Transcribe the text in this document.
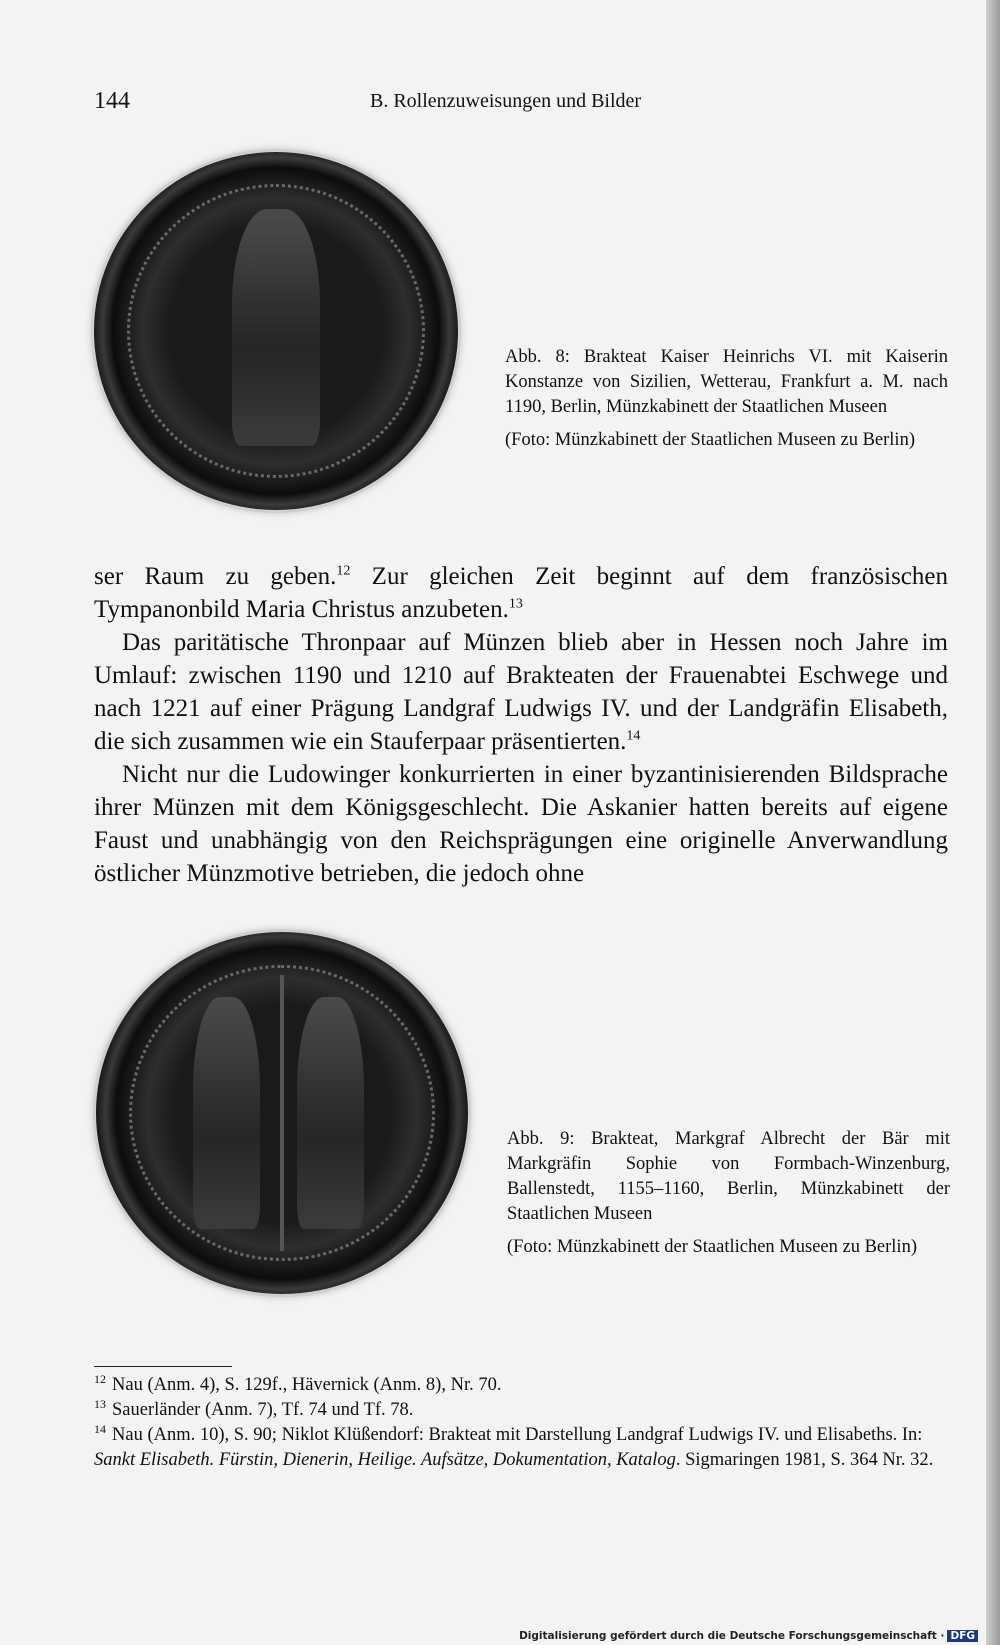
144	B. Rollenzuweisungen und Bilder

Abb. 8: Brakteat Kaiser Heinrichs VI. mit Kaiserin Konstanze von Sizilien, Wetterau, Frankfurt a. M. nach 1190, Berlin, Münzkabinett der Staatlichen Museen

(Foto: Münzkabinett der Staatlichen Museen zu Berlin)

ser Raum zu geben.$^{12}$ Zur gleichen Zeit beginnt auf dem französischen Tympanonbild Maria Christus anzubeten.$^{13}$

Das paritätische Thronpaar auf Münzen blieb aber in Hessen noch Jahre im Umlauf: zwischen 1190 und 1210 auf Brakteaten der Frauenabtei Eschwege und nach 1221 auf einer Prägung Landgraf Ludwigs IV. und der Landgräfin Elisabeth, die sich zusammen wie ein Stauferpaar präsentierten.$^{14}$

Nicht nur die Ludowinger konkurrierten in einer byzantinisierenden Bildsprache ihrer Münzen mit dem Königsgeschlecht. Die Askanier hatten bereits auf eigene Faust und unabhängig von den Reichsprägungen eine originelle Anverwandlung östlicher Münzmotive betrieben, die jedoch ohne

Abb. 9: Brakteat, Markgraf Albrecht der Bär mit Markgräfin Sophie von Formbach-Winzenburg, Ballenstedt, 1155–1160, Berlin, Münzkabinett der Staatlichen Museen

(Foto: Münzkabinett der Staatlichen Museen zu Berlin)

$^{12}$ Nau (Anm. 4), S. 129f., Hävernick (Anm. 8), Nr. 70.

$^{13}$ Sauerländer (Anm. 7), Tf. 74 und Tf. 78.

$^{14}$ Nau (Anm. 10), S. 90; Niklot Klüßendorf: Brakteat mit Darstellung Landgraf Ludwigs IV. und Elisabeths. In: Sankt Elisabeth. Fürstin, Dienerin, Heilige. Aufsätze, Dokumentation, Katalog. Sigmaringen 1981, S. 364 Nr. 32.

Digitalisierung gefördert durch die Deutsche Forschungsgemeinschaft · DFG
